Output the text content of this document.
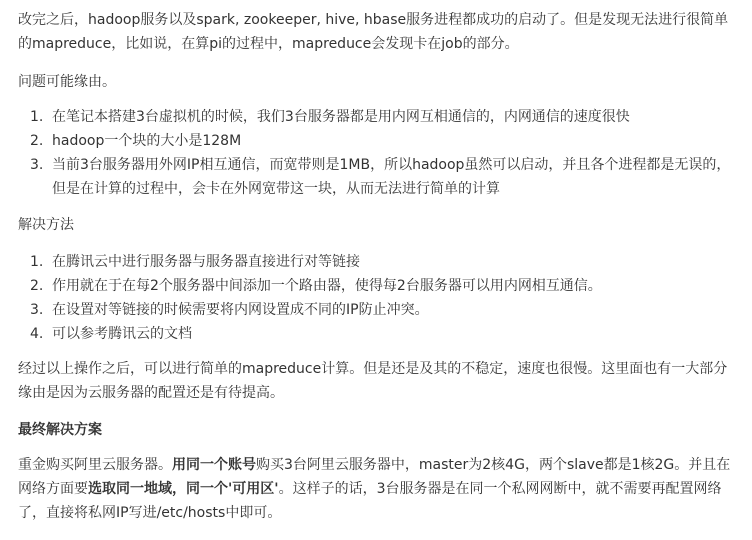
改完之后，hadoop服务以及spark, zookeeper, hive, hbase服务进程都成功的启动了。但是发现无法进行很简单的mapreduce，比如说，在算pi的过程中，mapreduce会发现卡在job的部分。

问题可能缘由。

1. 在笔记本搭建3台虚拟机的时候，我们3台服务器都是用内网互相通信的，内网通信的速度很快
2. hadoop一个块的大小是128M
3. 当前3台服务器用外网IP相互通信，而宽带则是1MB，所以hadoop虽然可以启动，并且各个进程都是无误的，但是在计算的过程中，会卡在外网宽带这一块，从而无法进行简单的计算

解决方法

1. 在腾讯云中进行服务器与服务器直接进行对等链接
2. 作用就在于在每2个服务器中间添加一个路由器，使得每2台服务器可以用内网相互通信。
3. 在设置对等链接的时候需要将内网设置成不同的IP防止冲突。
4. 可以参考腾讯云的文档

经过以上操作之后，可以进行简单的mapreduce计算。但是还是及其的不稳定，速度也很慢。这里面也有一大部分缘由是因为云服务器的配置还是有待提高。

最终解决方案

重金购买阿里云服务器。用同一个账号购买3台阿里云服务器中，master为2核4G，两个slave都是1核2G。并且在网络方面要选取同一地域，同一个'可用区'。这样子的话，3台服务器是在同一个私网网断中，就不需要再配置网络了，直接将私网IP写进/etc/hosts中即可。
